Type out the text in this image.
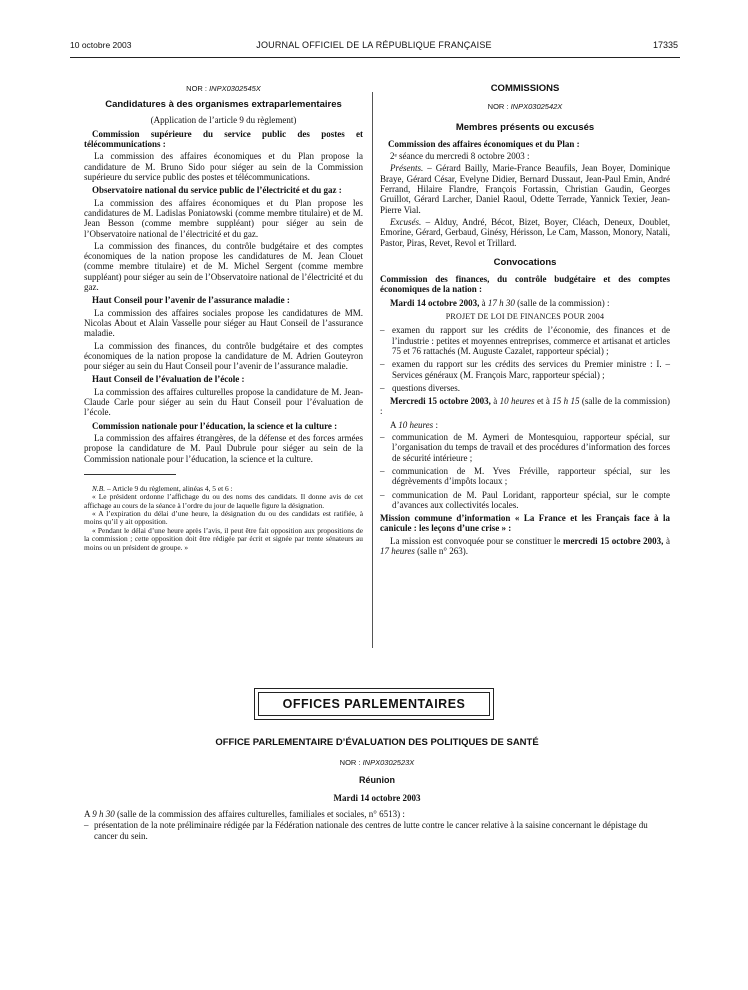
10 octobre 2003	JOURNAL OFFICIEL DE LA RÉPUBLIQUE FRANÇAISE	17335
NOR : INPX0302545X
Candidatures à des organismes extraparlementaires
(Application de l’article 9 du règlement)
Commission supérieure du service public des postes et télécommunications :

La commission des affaires économiques et du Plan propose la candidature de M. Bruno Sido pour siéger au sein de la Commission supérieure du service public des postes et télécommunications.

Observatoire national du service public de l’électricité et du gaz :

La commission des affaires économiques et du Plan propose les candidatures de M. Ladislas Poniatowski (comme membre titulaire) et de M. Jean Besson (comme membre suppléant) pour siéger au sein de l’Observatoire national de l’électricité et du gaz.

La commission des finances, du contrôle budgétaire et des comptes économiques de la nation propose les candidatures de M. Jean Clouet (comme membre titulaire) et de M. Michel Sergent (comme membre suppléant) pour siéger au sein de l’Observatoire national de l’électricité et du gaz.

Haut Conseil pour l’avenir de l’assurance maladie :

La commission des affaires sociales propose les candidatures de MM. Nicolas About et Alain Vasselle pour siéger au Haut Conseil de l’assurance maladie.

La commission des finances, du contrôle budgétaire et des comptes économiques de la nation propose la candidature de M. Adrien Gouteyron pour siéger au sein du Haut Conseil pour l’avenir de l’assurance maladie.

Haut Conseil de l’évaluation de l’école :

La commission des affaires culturelles propose la candidature de M. Jean-Claude Carle pour siéger au sein du Haut Conseil pour l’évaluation de l’école.

Commission nationale pour l’éducation, la science et la culture :

La commission des affaires étrangères, de la défense et des forces armées propose la candidature de M. Paul Dubrule pour siéger au sein de la Commission nationale pour l’éducation, la science et la culture.

N.B. – Article 9 du règlement, alinéas 4, 5 et 6 :

« Le président ordonne l’affichage du ou des noms des candidats. Il donne avis de cet affichage au cours de la séance à l’ordre du jour de laquelle figure la désignation.

« A l’expiration du délai d’une heure, la désignation du ou des candidats est ratifiée, à moins qu’il y ait opposition.

« Pendant le délai d’une heure après l’avis, il peut être fait opposition aux propositions de la commission ; cette opposition doit être rédigée par écrit et signée par trente sénateurs au moins ou un président de groupe. »

COMMISSIONS
NOR : INPX0302542X
Membres présents ou excusés
Commission des affaires économiques et du Plan :

2ᵉ séance du mercredi 8 octobre 2003 :

Présents. – Gérard Bailly, Marie-France Beaufils, Jean Boyer, Dominique Braye, Gérard César, Evelyne Didier, Bernard Dussaut, Jean-Paul Emin, André Ferrand, Hilaire Flandre, François Fortassin, Christian Gaudin, Georges Gruillot, Gérard Larcher, Daniel Raoul, Odette Terrade, Yannick Texier, Jean-Pierre Vial.

Excusés. – Alduy, André, Bécot, Bizet, Boyer, Cléach, Deneux, Doublet, Emorine, Gérard, Gerbaud, Ginésy, Hérisson, Le Cam, Masson, Monory, Natali, Pastor, Piras, Revet, Revol et Trillard.

Convocations
Commission des finances, du contrôle budgétaire et des comptes économiques de la nation :

Mardi 14 octobre 2003, à 17 h 30 (salle de la commission) :

PROJET DE LOI DE FINANCES POUR 2004
– examen du rapport sur les crédits de l’économie, des finances et de l’industrie : petites et moyennes entreprises, commerce et artisanat et articles 75 et 76 rattachés (M. Auguste Cazalet, rapporteur spécial) ;
– examen du rapport sur les crédits des services du Premier ministre : I. – Services généraux (M. François Marc, rapporteur spécial) ;
– questions diverses.

Mercredi 15 octobre 2003, à 10 heures et à 15 h 15 (salle de la commission) :

A 10 heures :

– communication de M. Aymeri de Montesquiou, rapporteur spécial, sur l’organisation du temps de travail et des procédures d’information des forces de sécurité intérieure ;
– communication de M. Yves Fréville, rapporteur spécial, sur les dégrèvements d’impôts locaux ;
– communication de M. Paul Loridant, rapporteur spécial, sur le compte d’avances aux collectivités locales.
Mission commune d’information « La France et les Français face à la canicule : les leçons d’une crise » :

La mission est convoquée pour se constituer le mercredi 15 octobre 2003, à 17 heures (salle n° 263).

OFFICES PARLEMENTAIRES
OFFICE PARLEMENTAIRE D’ÉVALUATION DES POLITIQUES DE SANTÉ
NOR : INPX0302523X
Réunion
Mardi 14 octobre 2003

A 9 h 30 (salle de la commission des affaires culturelles, familiales et sociales, n° 6513) :

– présentation de la note préliminaire rédigée par la Fédération nationale des centres de lutte contre le cancer relative à la saisine concernant le dépistage du cancer du sein.
